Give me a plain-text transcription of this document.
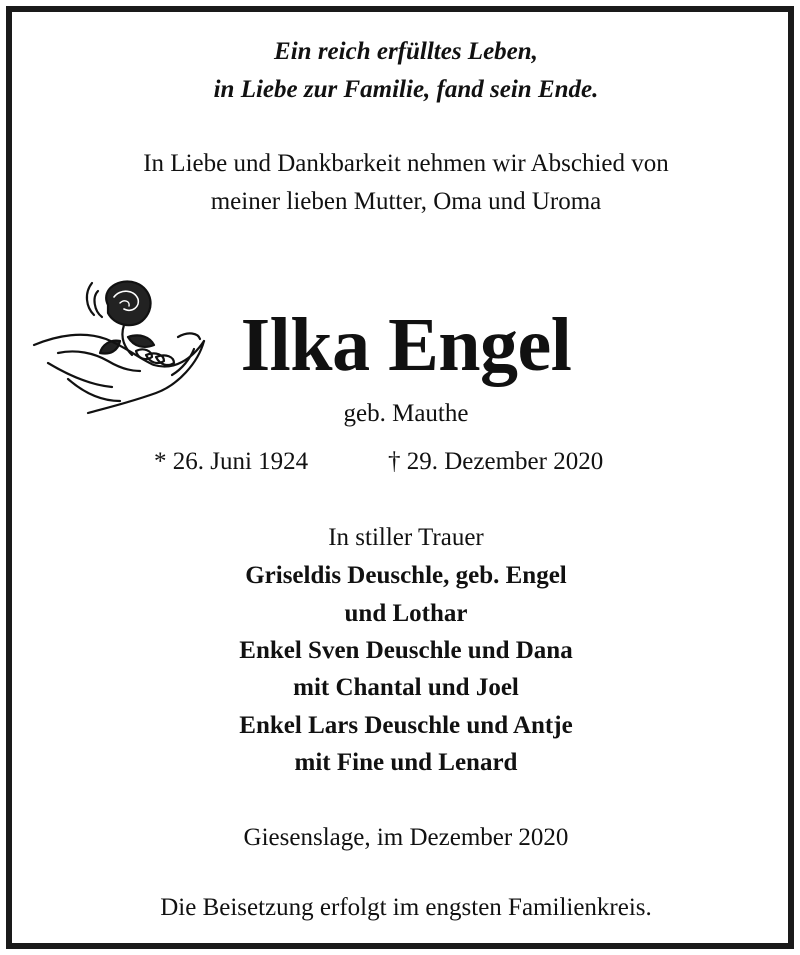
Ein reich erfülltes Leben,
in Liebe zur Familie, fand sein Ende.
In Liebe und Dankbarkeit nehmen wir Abschied von
meiner lieben Mutter, Oma und Uroma
Ilka Engel
geb. Mauthe
* 26. Juni 1924	† 29. Dezember 2020
In stiller Trauer
Griseldis Deuschle, geb. Engel
und Lothar
Enkel Sven Deuschle und Dana
mit Chantal und Joel
Enkel Lars Deuschle und Antje
mit Fine und Lenard
Giesenslage, im Dezember 2020
Die Beisetzung erfolgt im engsten Familienkreis.
